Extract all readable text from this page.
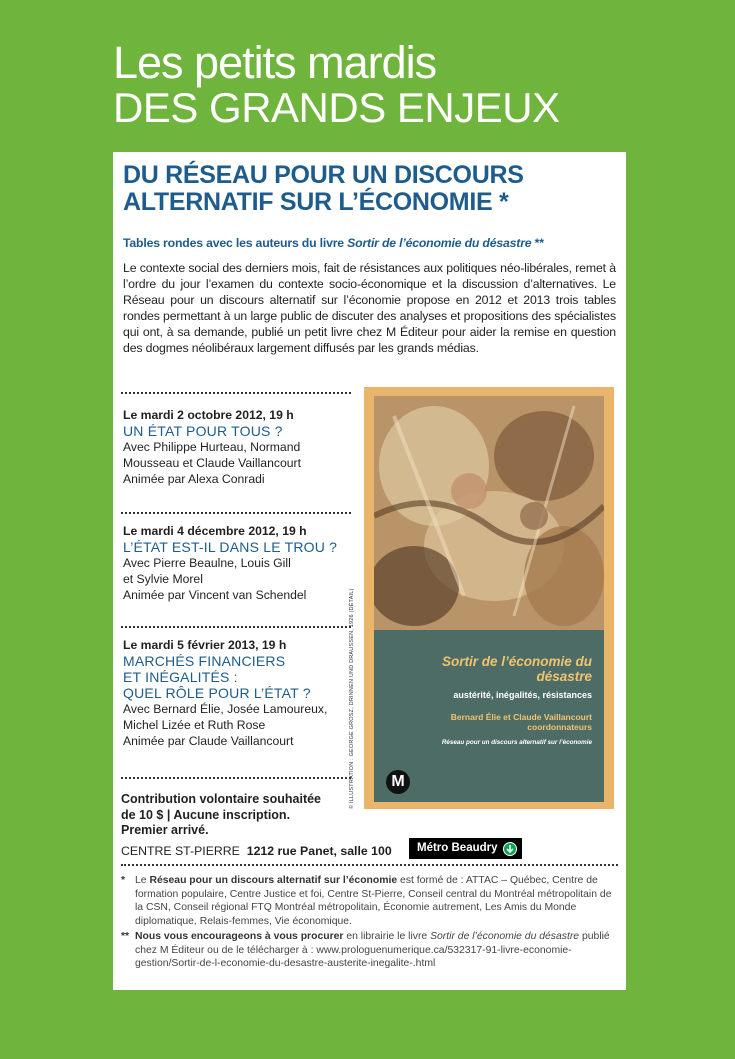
Les petits mardis
DES GRANDS ENJEUX
DU RÉSEAU POUR UN DISCOURS
ALTERNATIF SUR L’ÉCONOMIE *
Tables rondes avec les auteurs du livre Sortir de l’économie du désastre **
Le contexte social des derniers mois, fait de résistances aux politiques néo-libérales, remet à l’ordre du jour l’examen du contexte socio-économique et la discussion d’alternatives. Le Réseau pour un discours alternatif sur l’économie propose en 2012 et 2013 trois tables rondes permettant à un large public de discuter des analyses et propositions des spécialistes qui ont, à sa demande, publié un petit livre chez M Éditeur pour aider la remise en question des dogmes néolibéraux largement diffusés par les grands médias.
Le mardi 2 octobre 2012, 19 h
UN ÉTAT POUR TOUS ?
Avec Philippe Hurteau, Normand
Mousseau et Claude Vaillancourt
Animée par Alexa Conradi
Le mardi 4 décembre 2012, 19 h
L’ÉTAT EST-IL DANS LE TROU ?
Avec Pierre Beaulne, Louis Gill
et Sylvie Morel
Animée par Vincent van Schendel
Le mardi 5 février 2013, 19 h
MARCHÉS FINANCIERS
ET INÉGALITÉS :
QUEL RÔLE POUR L’ÉTAT ?
Avec Bernard Élie, Josée Lamoureux,
Michel Lizée et Ruth Rose
Animée par Claude Vaillancourt	© ILLUSTRATION : GEORGE GROSZ, DRINNEN UND DRAUSSEN, 1926 (DÉTAIL)	Sortir de l’économie du désastre
austérité, inégalités, résistances
Bernard Élie et Claude Vaillancourt
coordonnateurs
Réseau pour un discours alternatif sur l’économie
M
Contribution volontaire souhaitée
de 10 $ | Aucune inscription.
Premier arrivé.
CENTRE ST-PIERRE 1212 rue Panet, salle 100 Métro Beaudry
* Le Réseau pour un discours alternatif sur l’économie est formé de : ATTAC – Québec, Centre de formation populaire, Centre Justice et foi, Centre St-Pierre, Conseil central du Montréal métropolitain de la CSN, Conseil régional FTQ Montréal métropolitain, Économie autrement, Les Amis du Monde diplomatique, Relais-femmes, Vie économique.
** Nous vous encourageons à vous procurer en librairie le livre Sortir de l’économie du désastre publié chez M Éditeur ou de le télécharger à : www.prologuenumerique.ca/532317-91-livre-economie-gestion/Sortir-de-l-economie-du-desastre-austerite-inegalite-.html
